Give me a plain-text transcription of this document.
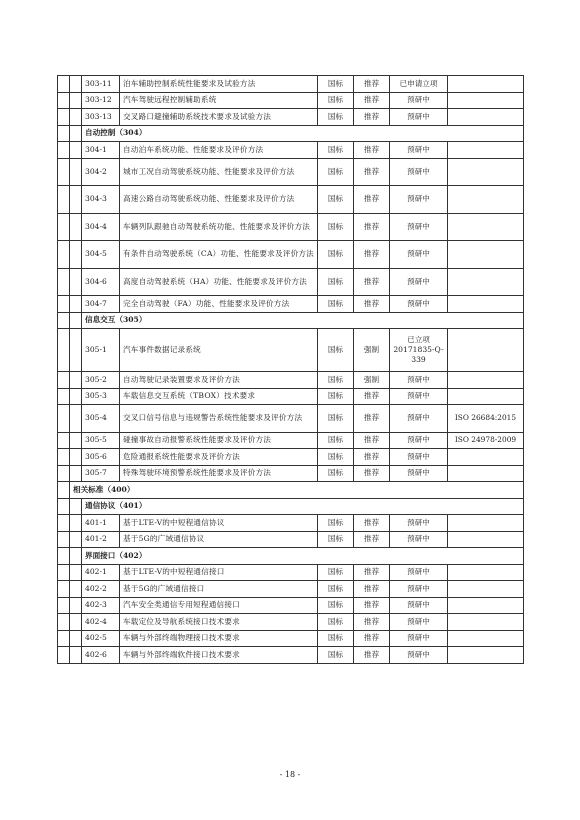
		303-11	泊车辅助控制系统性能要求及试验方法	国标	推荐	已申请立项	
		303-12	汽车驾驶远程控制辅助系统	国标	推荐	预研中	
		303-13	交叉路口避撞辅助系统技术要求及试验方法	国标	推荐	预研中	
		自动控制（304）					
		304-1	自动泊车系统功能、性能要求及评价方法	国标	推荐	预研中	
		304-2	城市工况自动驾驶系统功能、性能要求及评价方法	国标	推荐	预研中	
		304-3	高速公路自动驾驶系统功能、性能要求及评价方法	国标	推荐	预研中	
		304-4	车辆列队跟驰自动驾驶系统功能、性能要求及评价方法	国标	推荐	预研中	
		304-5	有条件自动驾驶系统（CA）功能、性能要求及评价方法	国标	推荐	预研中	
		304-6	高度自动驾驶系统（HA）功能、性能要求及评价方法	国标	推荐	预研中	
		304-7	完全自动驾驶（FA）功能、性能要求及评价方法	国标	推荐	预研中	
		信息交互（305）					
		305-1	汽车事件数据记录系统	国标	强制	已立项 20171835-Q-339	
		305-2	自动驾驶记录装置要求及评价方法	国标	强制	预研中	
		305-3	车载信息交互系统（TBOX）技术要求	国标	推荐	预研中	
		305-4	交叉口信号信息与违规警告系统性能要求及评价方法	国标	推荐	预研中	ISO 26684:2015
		305-5	碰撞事故自动报警系统性能要求及评价方法	国标	推荐	预研中	ISO 24978-2009
		305-6	危险通报系统性能要求及评价方法	国标	推荐	预研中	
		305-7	特殊驾驶环境预警系统性能要求及评价方法	国标	推荐	预研中	
	相关标准（400）						
		通信协议（401）					
		401-1	基于LTE-V的中短程通信协议	国标	推荐	预研中	
		401-2	基于5G的广域通信协议	国标	推荐	预研中	
		界面接口（402）					
		402-1	基于LTE-V的中短程通信接口	国标	推荐	预研中	
		402-2	基于5G的广域通信接口	国标	推荐	预研中	
		402-3	汽车安全类通信专用短程通信接口	国标	推荐	预研中	
		402-4	车载定位及导航系统接口技术要求	国标	推荐	预研中	
		402-5	车辆与外部终端物理接口技术要求	国标	推荐	预研中	
		402-6	车辆与外部终端软件接口技术要求	国标	推荐	预研中	
- 18 -
